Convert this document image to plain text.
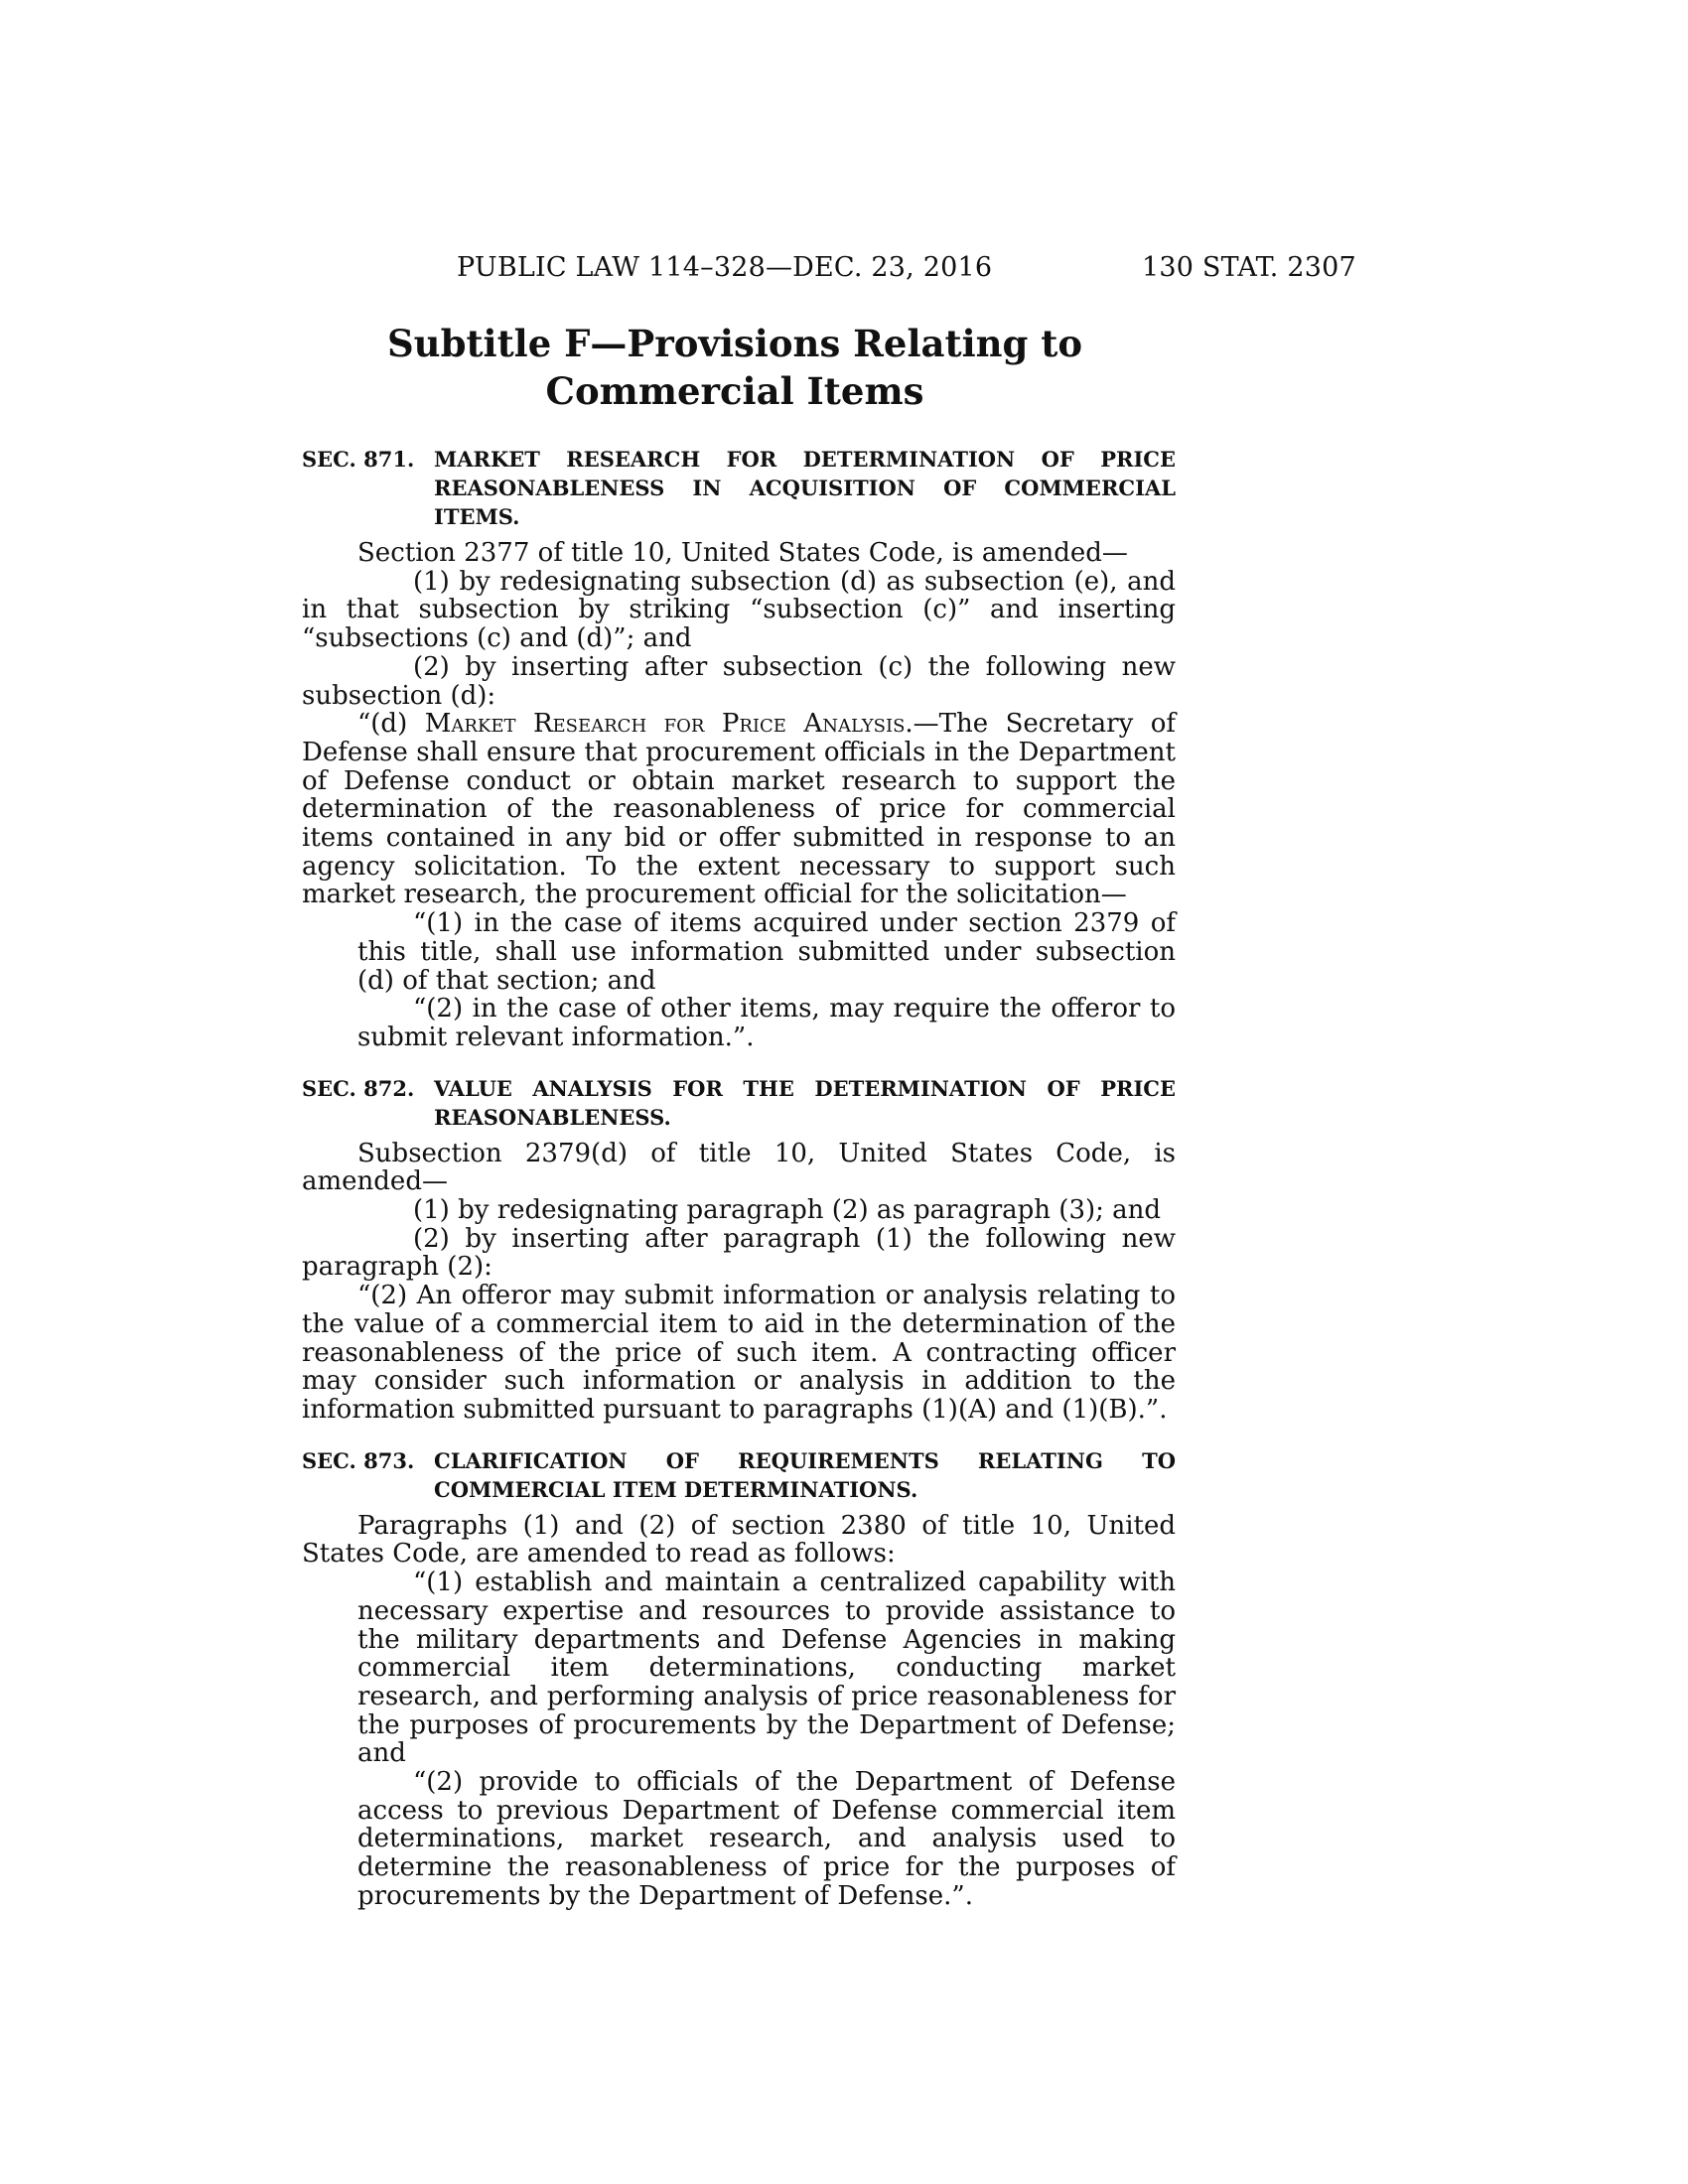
PUBLIC LAW 114–328—DEC. 23, 2016	130 STAT. 2307
Subtitle F—Provisions Relating to
Commercial Items
SEC. 871. MARKET RESEARCH FOR DETERMINATION OF PRICE REASONABLENESS IN ACQUISITION OF COMMERCIAL ITEMS.

Section 2377 of title 10, United States Code, is amended—

(1) by redesignating subsection (d) as subsection (e), and in that subsection by striking “subsection (c)” and inserting “subsections (c) and (d)”; and

(2) by inserting after subsection (c) the following new subsection (d):

“(d) Market Research for Price Analysis.—The Secretary of Defense shall ensure that procurement officials in the Department of Defense conduct or obtain market research to support the determination of the reasonableness of price for commercial items contained in any bid or offer submitted in response to an agency solicitation. To the extent necessary to support such market research, the procurement official for the solicitation—

“(1) in the case of items acquired under section 2379 of this title, shall use information submitted under subsection (d) of that section; and

“(2) in the case of other items, may require the offeror to submit relevant information.”.

SEC. 872. VALUE ANALYSIS FOR THE DETERMINATION OF PRICE REASONABLENESS.

Subsection 2379(d) of title 10, United States Code, is amended—

(1) by redesignating paragraph (2) as paragraph (3); and

(2) by inserting after paragraph (1) the following new paragraph (2):

“(2) An offeror may submit information or analysis relating to the value of a commercial item to aid in the determination of the reasonableness of the price of such item. A contracting officer may consider such information or analysis in addition to the information submitted pursuant to paragraphs (1)(A) and (1)(B).”.

SEC. 873. CLARIFICATION OF REQUIREMENTS RELATING TO COMMERCIAL ITEM DETERMINATIONS.

Paragraphs (1) and (2) of section 2380 of title 10, United States Code, are amended to read as follows:

“(1) establish and maintain a centralized capability with necessary expertise and resources to provide assistance to the military departments and Defense Agencies in making commercial item determinations, conducting market research, and performing analysis of price reasonableness for the purposes of procurements by the Department of Defense; and

“(2) provide to officials of the Department of Defense access to previous Department of Defense commercial item determinations, market research, and analysis used to determine the reasonableness of price for the purposes of procurements by the Department of Defense.”.
